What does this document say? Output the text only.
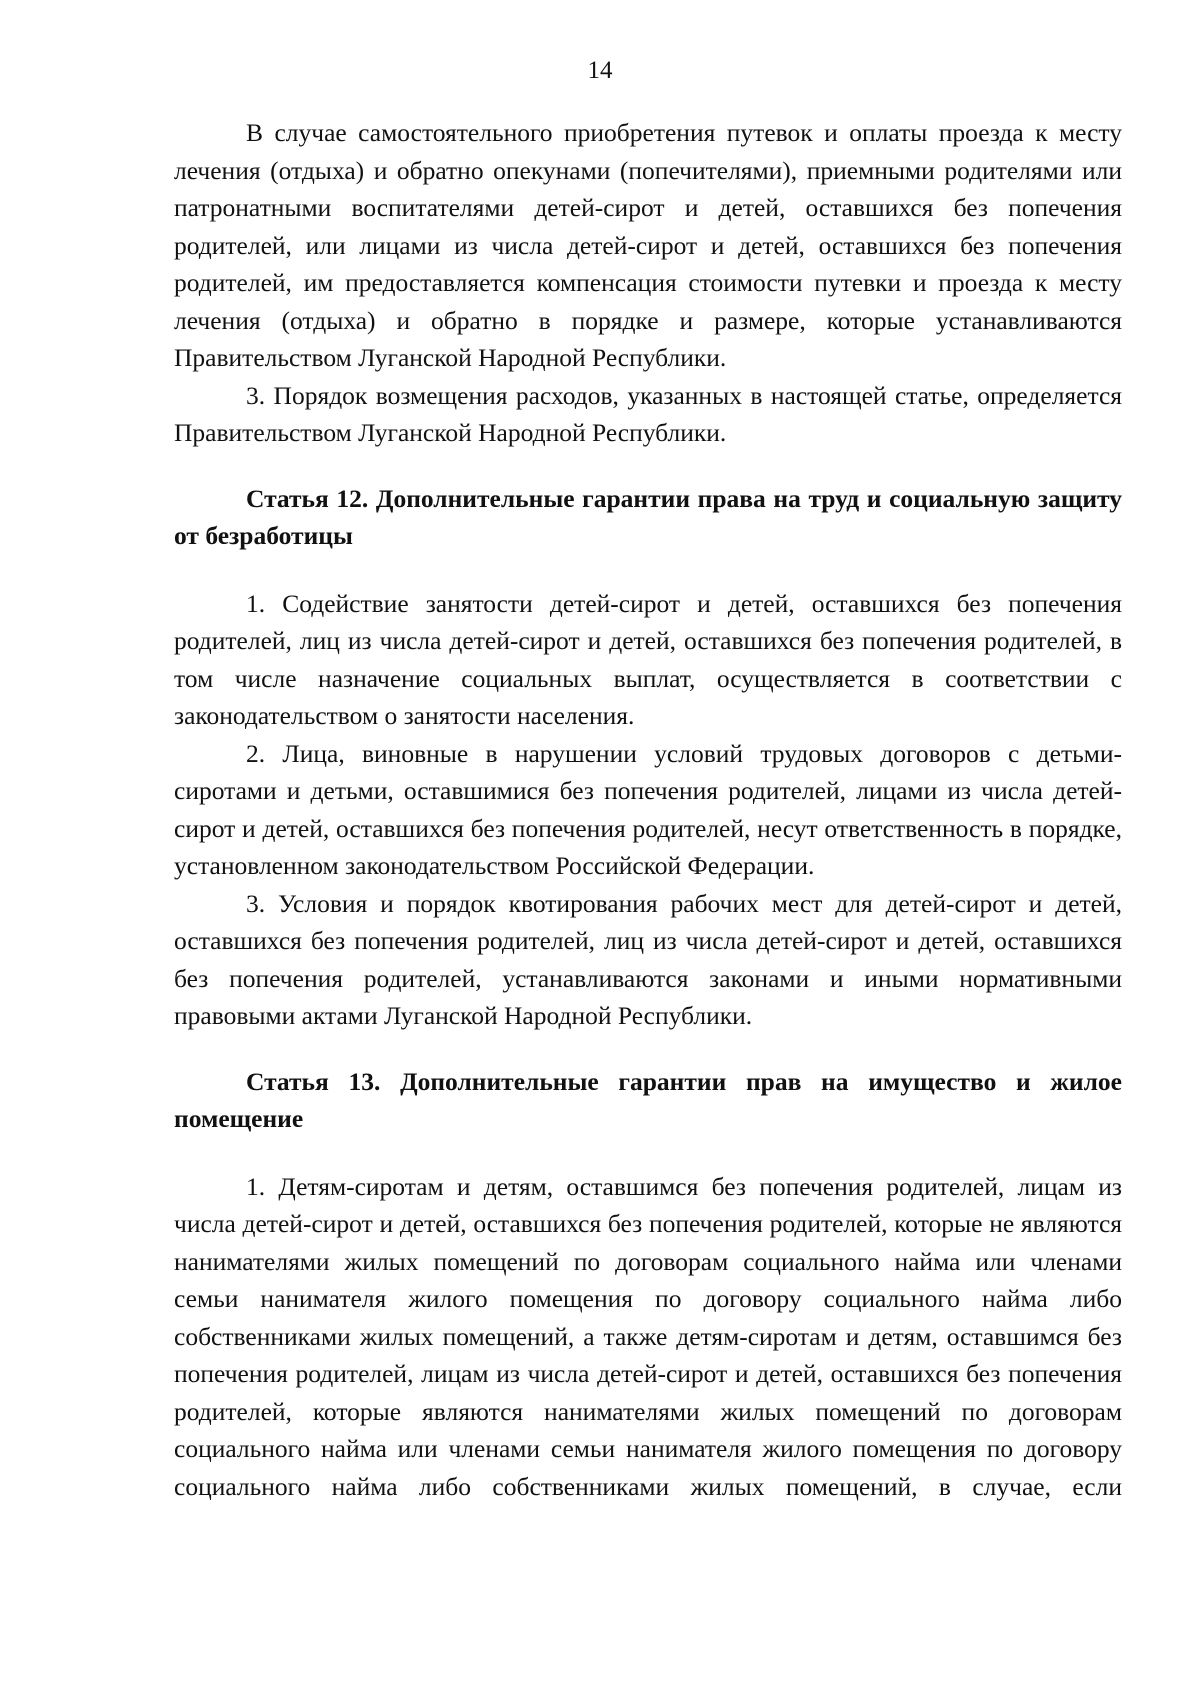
14

В случае самостоятельного приобретения путевок и оплаты проезда к месту лечения (отдыха) и обратно опекунами (попечителями), приемными родителями или патронатными воспитателями детей-сирот и детей, оставшихся без попечения родителей, или лицами из числа детей-сирот и детей, оставшихся без попечения родителей, им предоставляется компенсация стоимости путевки и проезда к месту лечения (отдыха) и обратно в порядке и размере, которые устанавливаются Правительством Луганской Народной Республики.

3. Порядок возмещения расходов, указанных в настоящей статье, определяется Правительством Луганской Народной Республики.

Статья 12. Дополнительные гарантии права на труд и социальную защиту от безработицы

1. Содействие занятости детей-сирот и детей, оставшихся без попечения родителей, лиц из числа детей-сирот и детей, оставшихся без попечения родителей, в том числе назначение социальных выплат, осуществляется в соответствии с законодательством о занятости населения.

2. Лица, виновные в нарушении условий трудовых договоров с детьми-сиротами и детьми, оставшимися без попечения родителей, лицами из числа детей-сирот и детей, оставшихся без попечения родителей, несут ответственность в порядке, установленном законодательством Российской Федерации.

3. Условия и порядок квотирования рабочих мест для детей-сирот и детей, оставшихся без попечения родителей, лиц из числа детей-сирот и детей, оставшихся без попечения родителей, устанавливаются законами и иными нормативными правовыми актами Луганской Народной Республики.

Статья 13. Дополнительные гарантии прав на имущество и жилое помещение

1. Детям-сиротам и детям, оставшимся без попечения родителей, лицам из числа детей-сирот и детей, оставшихся без попечения родителей, которые не являются нанимателями жилых помещений по договорам социального найма или членами семьи нанимателя жилого помещения по договору социального найма либо собственниками жилых помещений, а также детям-сиротам и детям, оставшимся без попечения родителей, лицам из числа детей-сирот и детей, оставшихся без попечения родителей, которые являются нанимателями жилых помещений по договорам социального найма или членами семьи нанимателя жилого помещения по договору социального найма либо собственниками жилых помещений, в случае, если
